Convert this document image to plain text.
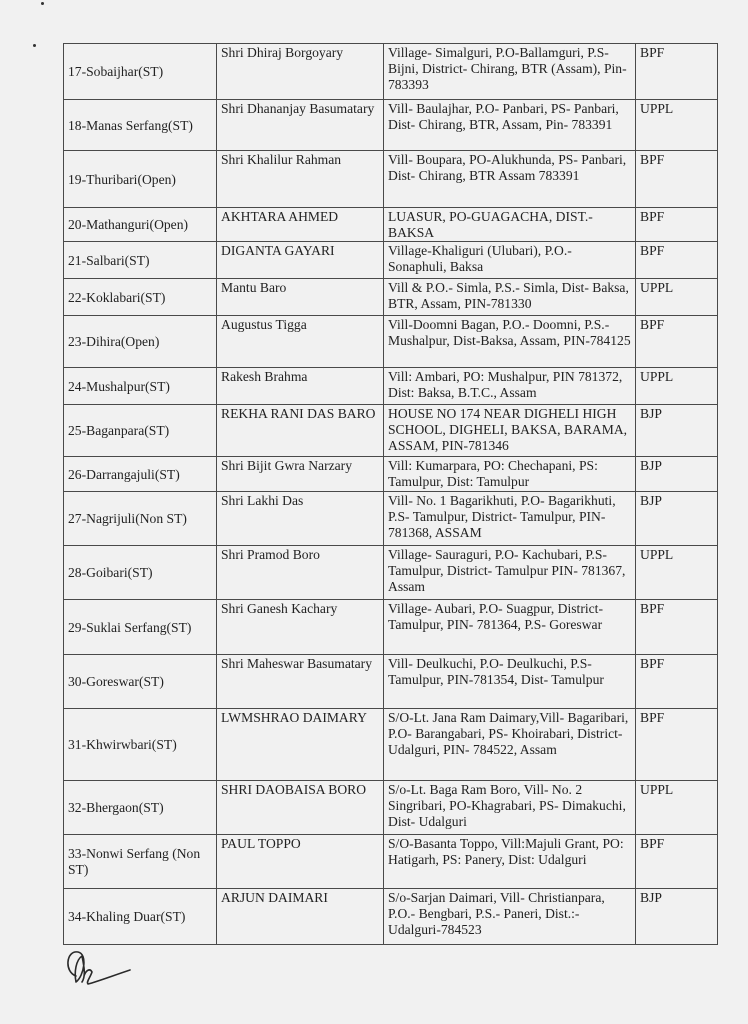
17-Sobaijhar(ST)	Shri Dhiraj Borgoyary	Village- Simalguri, P.O-Ballamguri, P.S- Bijni, District- Chirang, BTR (Assam), Pin- 783393	BPF
18-Manas Serfang(ST)	Shri Dhananjay Basumatary	Vill- Baulajhar, P.O- Panbari, PS- Panbari, Dist- Chirang, BTR, Assam, Pin- 783391	UPPL
19-Thuribari(Open)	Shri Khalilur Rahman	Vill- Boupara, PO-Alukhunda, PS- Panbari, Dist- Chirang, BTR Assam 783391	BPF
20-Mathanguri(Open)	AKHTARA AHMED	LUASUR, PO-GUAGACHA, DIST.- BAKSA	BPF
21-Salbari(ST)	DIGANTA GAYARI	Village-Khaliguri (Ulubari), P.O.- Sonaphuli, Baksa	BPF
22-Koklabari(ST)	Mantu Baro	Vill & P.O.- Simla, P.S.- Simla, Dist- Baksa, BTR, Assam, PIN-781330	UPPL
23-Dihira(Open)	Augustus Tigga	Vill-Doomni Bagan, P.O.- Doomni, P.S.-Mushalpur, Dist-Baksa, Assam, PIN-784125	BPF
24-Mushalpur(ST)	Rakesh Brahma	Vill: Ambari, PO: Mushalpur, PIN 781372, Dist: Baksa, B.T.C., Assam	UPPL
25-Baganpara(ST)	REKHA RANI DAS BARO	HOUSE NO 174 NEAR DIGHELI HIGH SCHOOL, DIGHELI, BAKSA, BARAMA, ASSAM, PIN-781346	BJP
26-Darrangajuli(ST)	Shri Bijit Gwra Narzary	Vill: Kumarpara, PO: Chechapani, PS: Tamulpur, Dist: Tamulpur	BJP
27-Nagrijuli(Non ST)	Shri Lakhi Das	Vill- No. 1 Bagarikhuti, P.O- Bagarikhuti, P.S- Tamulpur, District- Tamulpur, PIN- 781368, ASSAM	BJP
28-Goibari(ST)	Shri Pramod Boro	Village- Sauraguri, P.O- Kachubari, P.S- Tamulpur, District- Tamulpur PIN- 781367, Assam	UPPL
29-Suklai Serfang(ST)	Shri Ganesh Kachary	Village- Aubari, P.O- Suagpur, District- Tamulpur, PIN- 781364, P.S- Goreswar	BPF
30-Goreswar(ST)	Shri Maheswar Basumatary	Vill- Deulkuchi, P.O- Deulkuchi, P.S- Tamulpur, PIN-781354, Dist- Tamulpur	BPF
31-Khwirwbari(ST)	LWMSHRAO DAIMARY	S/O-Lt. Jana Ram Daimary,Vill- Bagaribari, P.O- Barangabari, PS- Khoirabari, District- Udalguri, PIN- 784522, Assam	BPF
32-Bhergaon(ST)	SHRI DAOBAISA BORO	S/o-Lt. Baga Ram Boro, Vill- No. 2 Singribari, PO-Khagrabari, PS- Dimakuchi, Dist- Udalguri	UPPL
33-Nonwi Serfang (Non ST)	PAUL TOPPO	S/O-Basanta Toppo, Vill:Majuli Grant, PO: Hatigarh, PS: Panery, Dist: Udalguri	BPF
34-Khaling Duar(ST)	ARJUN DAIMARI	S/o-Sarjan Daimari, Vill- Christianpara, P.O.- Bengbari, P.S.- Paneri, Dist.:- Udalguri-784523	BJP
